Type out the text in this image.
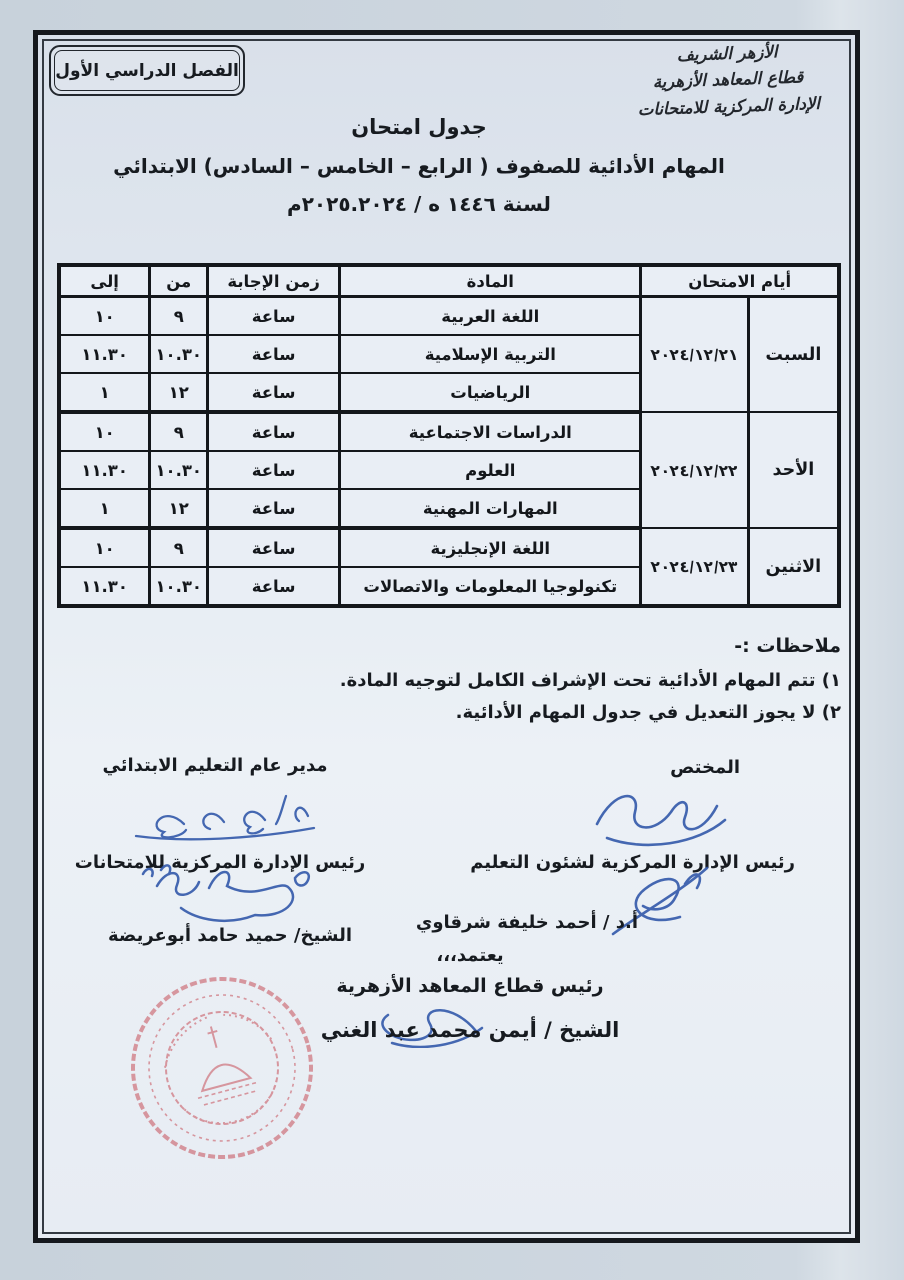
الفصل الدراسي الأول
الأزهر الشريف
قطاع المعاهد الأزهرية
الإدارة المركزية للامتحانات
جدول امتحان
المهام الأدائية للصفوف ( الرابع – الخامس – السادس) الابتدائي
لسنة ١٤٤٦ ه / ٢٠٢٥.٢٠٢٤م
أيام الامتحان		المادة	زمن الإجابة	من	إلى
السبت	٢٠٢٤/١٢/٢١	اللغة العربية	ساعة	٩	١٠
		التربية الإسلامية	ساعة	١٠.٣٠	١١.٣٠
		الرياضيات	ساعة	١٢	١
الأحد	٢٠٢٤/١٢/٢٢	الدراسات الاجتماعية	ساعة	٩	١٠
		العلوم	ساعة	١٠.٣٠	١١.٣٠
		المهارات المهنية	ساعة	١٢	١
الاثنين	٢٠٢٤/١٢/٢٣	اللغة الإنجليزية	ساعة	٩	١٠
		تكنولوجيا المعلومات والاتصالات	ساعة	١٠.٣٠	١١.٣٠
ملاحظات :-
١) تتم المهام الأدائية تحت الإشراف الكامل لتوجيه المادة.
٢) لا يجوز التعديل في جدول المهام الأدائية.
المختص
مدير عام التعليم الابتدائي
رئيس الإدارة المركزية لشئون التعليم
أ.د / أحمد خليفة شرقاوي
رئيس الإدارة المركزية للامتحانات
الشيخ/ حميد حامد أبوعريضة
يعتمد،،،
رئيس قطاع المعاهد الأزهرية
الشيخ / أيمن محمد عبد الغني
